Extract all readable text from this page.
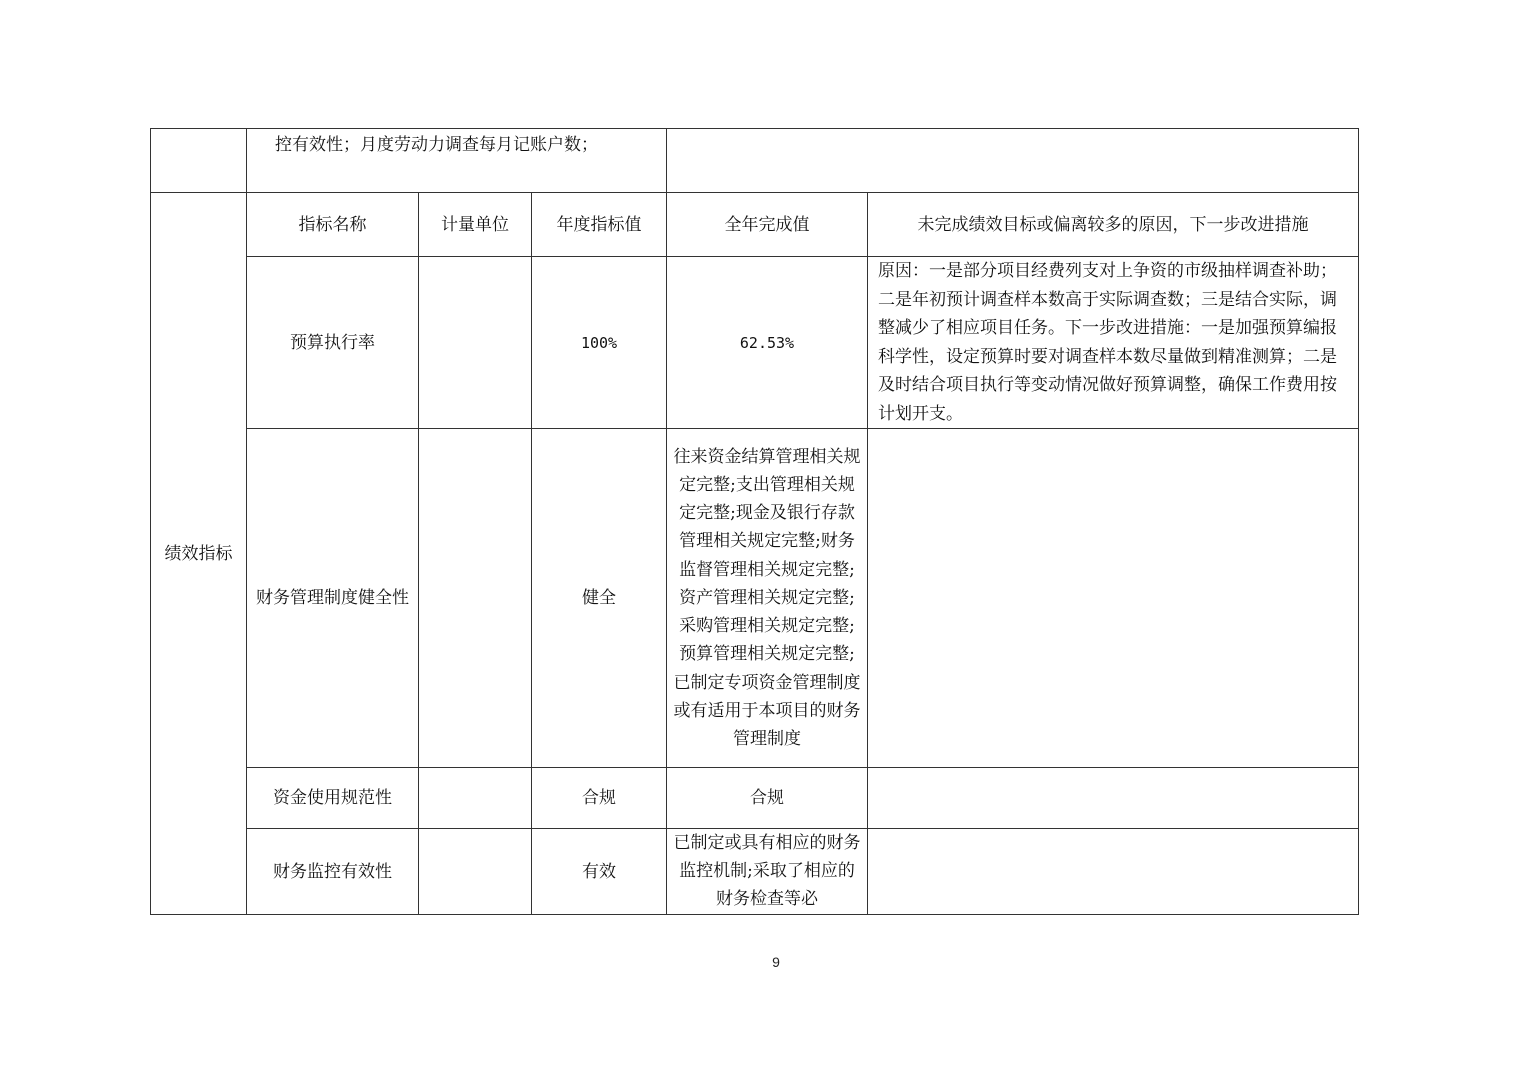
	控有效性；月度劳动力调查每月记账户数；				
绩效指标	指标名称	计量单位	年度指标值	全年完成值	未完成绩效目标或偏离较多的原因，下一步改进措施
	预算执行率		100%	62.53%	原因：一是部分项目经费列支对上争资的市级抽样调查补助；二是年初预计调查样本数高于实际调查数；三是结合实际，调整减少了相应项目任务。下一步改进措施：一是加强预算编报科学性，设定预算时要对调查样本数尽量做到精准测算；二是及时结合项目执行等变动情况做好预算调整，确保工作费用按计划开支。
	财务管理制度健全性		健全	往来资金结算管理相关规定完整;支出管理相关规定完整;现金及银行存款管理相关规定完整;财务监督管理相关规定完整;资产管理相关规定完整;采购管理相关规定完整;预算管理相关规定完整;已制定专项资金管理制度或有适用于本项目的财务管理制度	
	资金使用规范性		合规	合规	
	财务监控有效性		有效	已制定或具有相应的财务监控机制;采取了相应的财务检查等必	
9
